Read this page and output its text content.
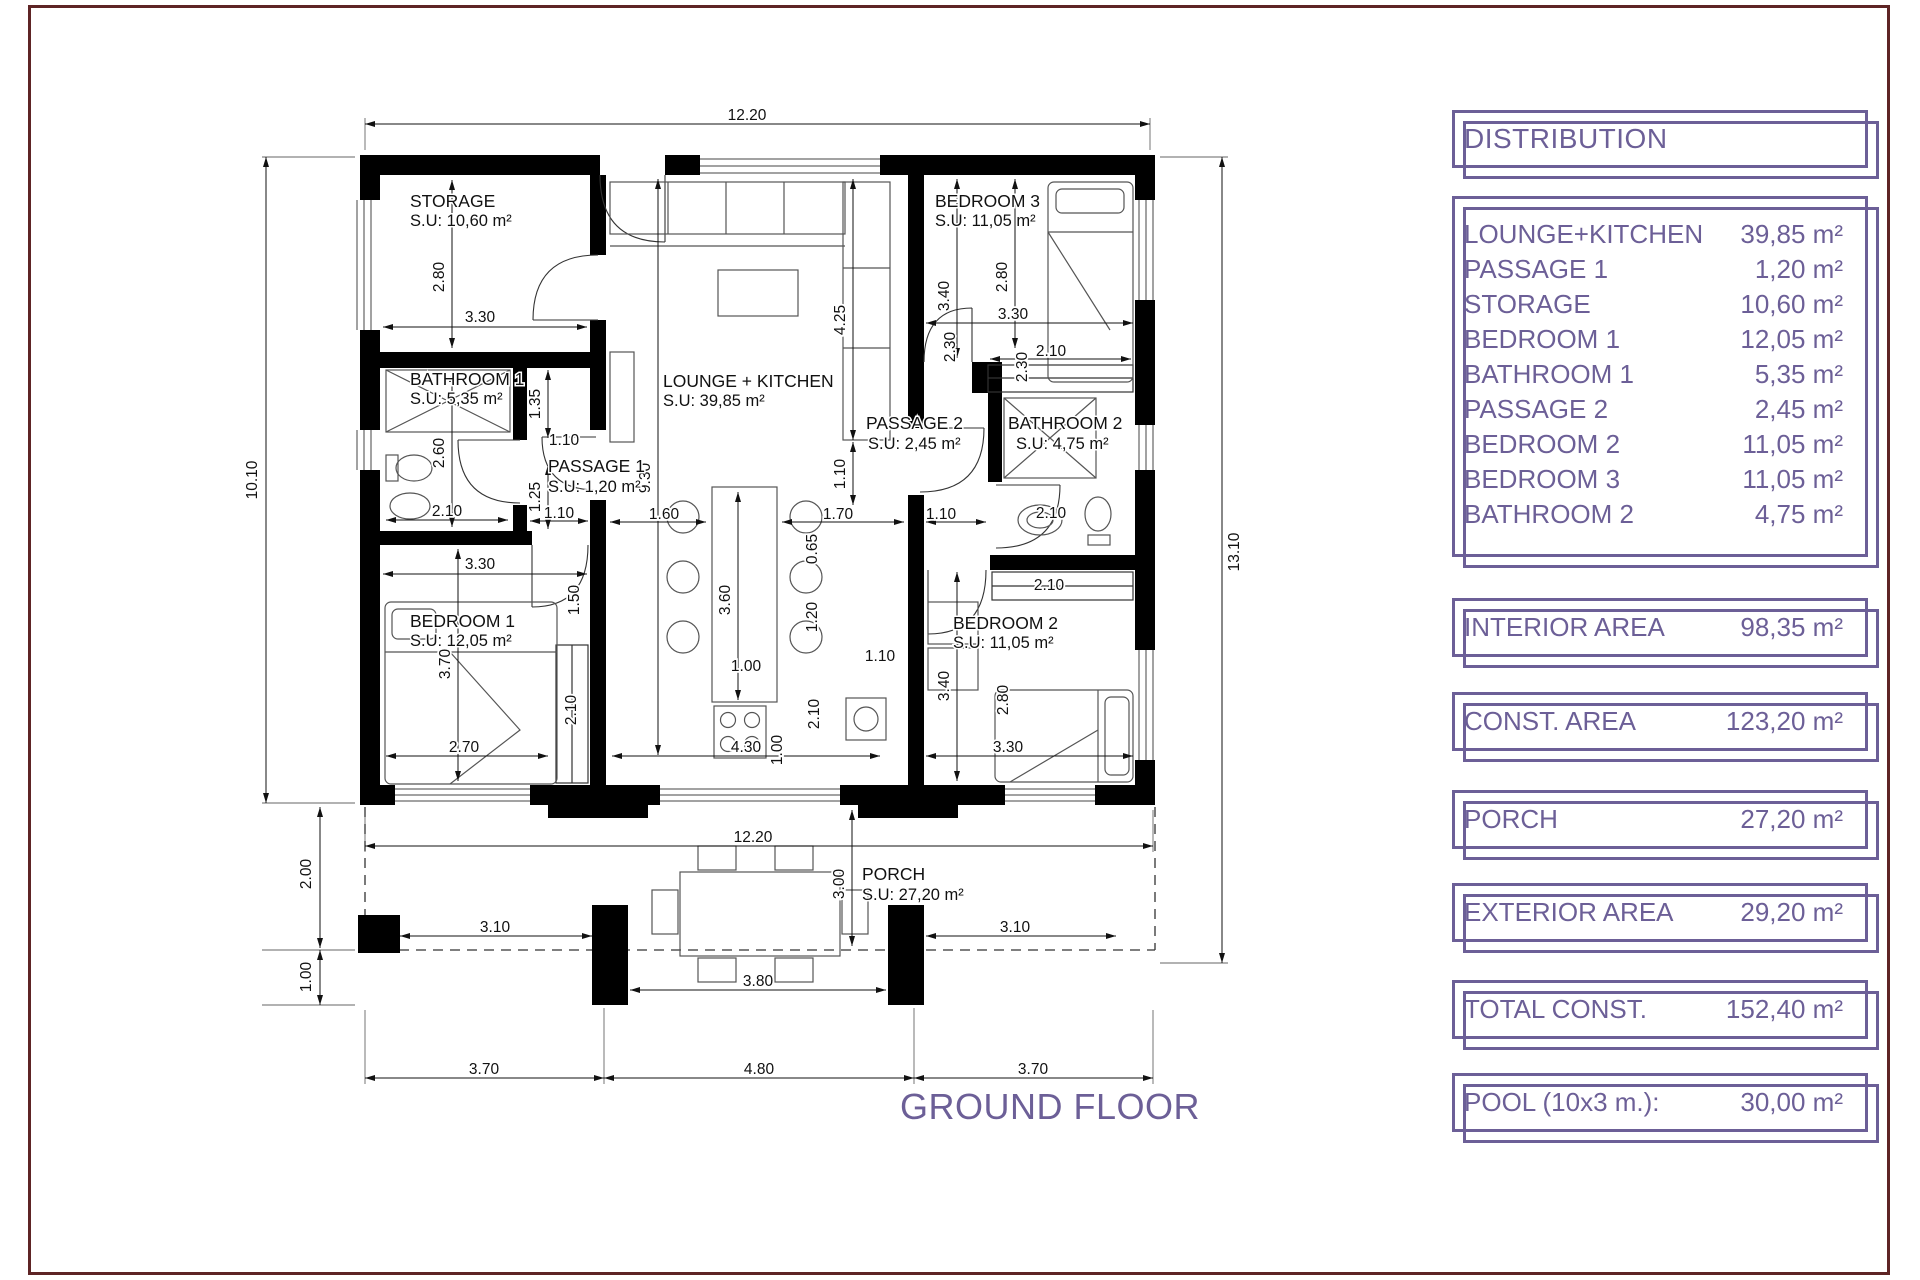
12.20
10.10
2.00
1.00
13.10
12.20
3.70	4.80	3.70
3.10	3.10
3.80
3.00
2.80
3.30
2.60
2.10
1.35
1.25
1.10
1.10
3.30
3.70
2.70
1.50
2.10
9.30
4.25
1.10
1.60	1.70	1.10
3.60
0.65
1.20
1.10
1.00
4.30 1.00
2.10
3.40
2.80
3.30
2.10
2.30
2.30
2.10
3.40	2.80
3.30
2.10
STORAGE
S.U: 10,60 m²
BATHROOM 1
S.U: 5,35 m²
PASSAGE 1
S.U: 1,20 m²
BEDROOM 1
S.U: 12,05 m²
LOUNGE + KITCHEN
S.U: 39,85 m²
BEDROOM 3
S.U: 11,05 m²
PASSAGE 2
S.U: 2,45 m²
BATHROOM 2
S.U: 4,75 m²
BEDROOM 2
S.U: 11,05 m²
PORCH
S.U: 27,20 m²
DISTRIBUTION
LOUNGE+KITCHEN 39,85 m²
PASSAGE 1	1,20 m²
STORAGE	10,60 m²
BEDROOM 1	12,05 m²
BATHROOM 1	5,35 m²
PASSAGE 2	2,45 m²
BEDROOM 2	11,05 m²
BEDROOM 3	11,05 m²
BATHROOM 2	4,75 m²
INTERIOR AREA	98,35 m²
CONST. AREA	123,20 m²
PORCH	27,20 m²
EXTERIOR AREA	29,20 m²
TOTAL CONST.	152,40 m²
POOL (10x3 m.):	30,00 m²
GROUND FLOOR
